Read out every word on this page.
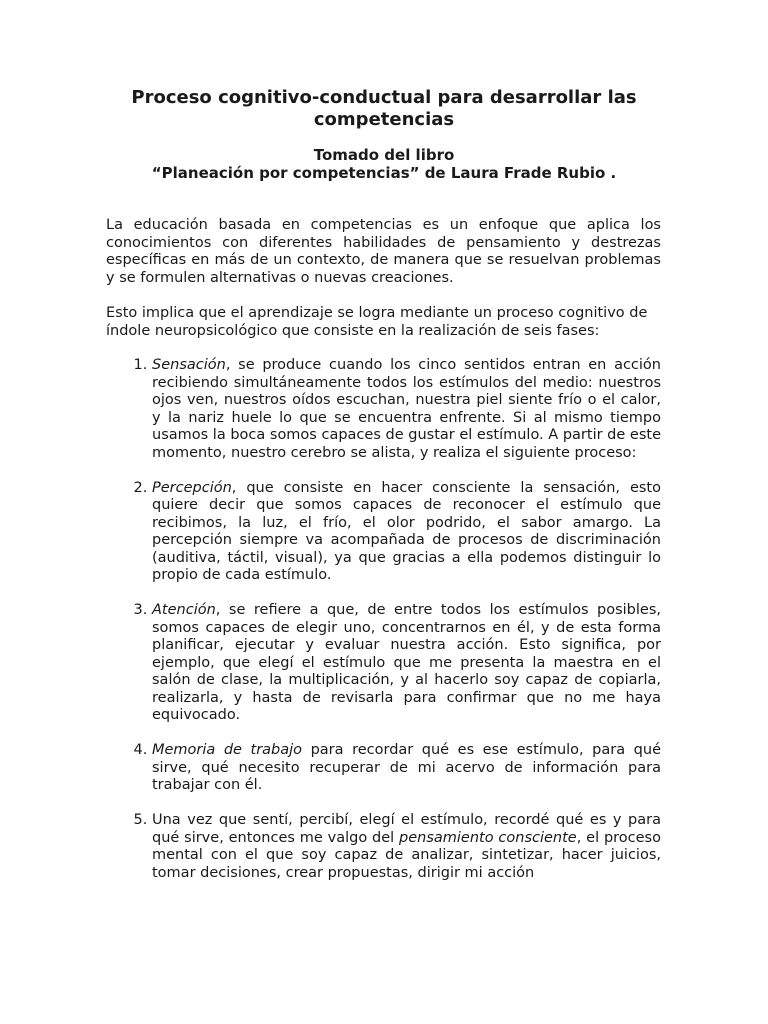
Proceso cognitivo-conductual para desarrollar las competencias
Tomado del libro
“Planeación por competencias” de Laura Frade Rubio .

La educación basada en competencias es un enfoque que aplica los conocimientos con diferentes habilidades de pensamiento y destrezas específicas en más de un contexto, de manera que se resuelvan problemas y se formulen alternativas o nuevas creaciones.

Esto implica que el aprendizaje se logra mediante un proceso cognitivo de índole neuropsicológico que consiste en la realización de seis fases:

1. Sensación, se produce cuando los cinco sentidos entran en acción recibiendo simultáneamente todos los estímulos del medio: nuestros ojos ven, nuestros oídos escuchan, nuestra piel siente frío o el calor, y la nariz huele lo que se encuentra enfrente. Si al mismo tiempo usamos la boca somos capaces de gustar el estímulo. A partir de este momento, nuestro cerebro se alista, y realiza el siguiente proceso:
2. Percepción, que consiste en hacer consciente la sensación, esto quiere decir que somos capaces de reconocer el estímulo que recibimos, la luz, el frío, el olor podrido, el sabor amargo. La percepción siempre va acompañada de procesos de discriminación (auditiva, táctil, visual), ya que gracias a ella podemos distinguir lo propio de cada estímulo.
3. Atención, se refiere a que, de entre todos los estímulos posibles, somos capaces de elegir uno, concentrarnos en él, y de esta forma planificar, ejecutar y evaluar nuestra acción. Esto significa, por ejemplo, que elegí el estímulo que me presenta la maestra en el salón de clase, la multiplicación, y al hacerlo soy capaz de copiarla, realizarla, y hasta de revisarla para confirmar que no me haya equivocado.
4. Memoria de trabajo para recordar qué es ese estímulo, para qué sirve, qué necesito recuperar de mi acervo de información para trabajar con él.
5. Una vez que sentí, percibí, elegí el estímulo, recordé qué es y para qué sirve, entonces me valgo del pensamiento consciente, el proceso mental con el que soy capaz de analizar, sintetizar, hacer juicios, tomar decisiones, crear propuestas, dirigir mi acción
